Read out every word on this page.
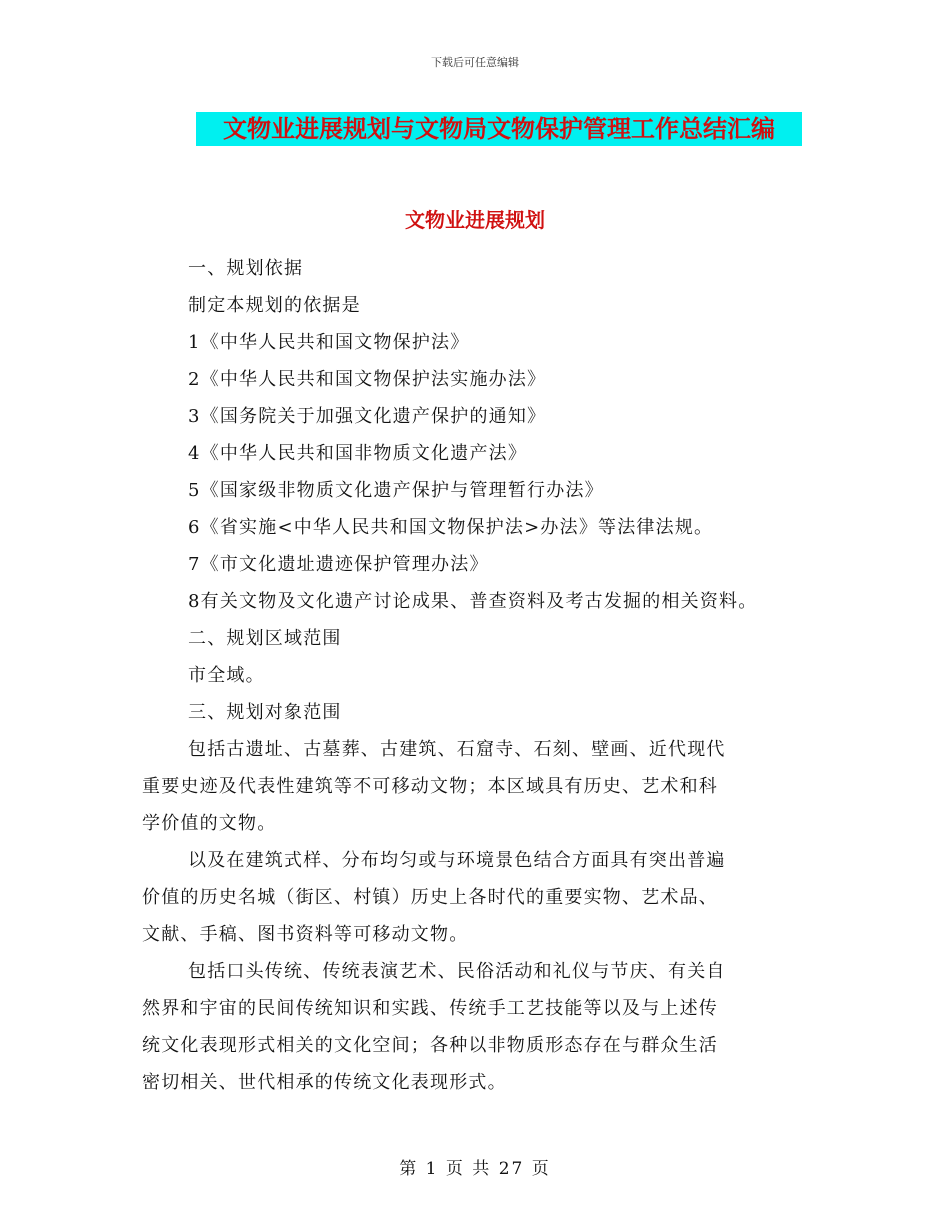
下载后可任意编辑
文物业进展规划与文物局文物保护管理工作总结汇编
文物业进展规划
一、规划依据
制定本规划的依据是
1《中华人民共和国文物保护法》
2《中华人民共和国文物保护法实施办法》
3《国务院关于加强文化遗产保护的通知》
4《中华人民共和国非物质文化遗产法》
5《国家级非物质文化遗产保护与管理暂行办法》
6《省实施<中华人民共和国文物保护法>办法》等法律法规。
7《市文化遗址遗迹保护管理办法》
8有关文物及文化遗产讨论成果、普查资料及考古发掘的相关资料。
二、规划区域范围
市全域。
三、规划对象范围
包括古遗址、古墓葬、古建筑、石窟寺、石刻、壁画、近代现代
重要史迹及代表性建筑等不可移动文物；本区域具有历史、艺术和科
学价值的文物。
以及在建筑式样、分布均匀或与环境景色结合方面具有突出普遍
价值的历史名城（街区、村镇）历史上各时代的重要实物、艺术品、
文献、手稿、图书资料等可移动文物。
包括口头传统、传统表演艺术、民俗活动和礼仪与节庆、有关自
然界和宇宙的民间传统知识和实践、传统手工艺技能等以及与上述传
统文化表现形式相关的文化空间；各种以非物质形态存在与群众生活
密切相关、世代相承的传统文化表现形式。
第 1 页 共 27 页
